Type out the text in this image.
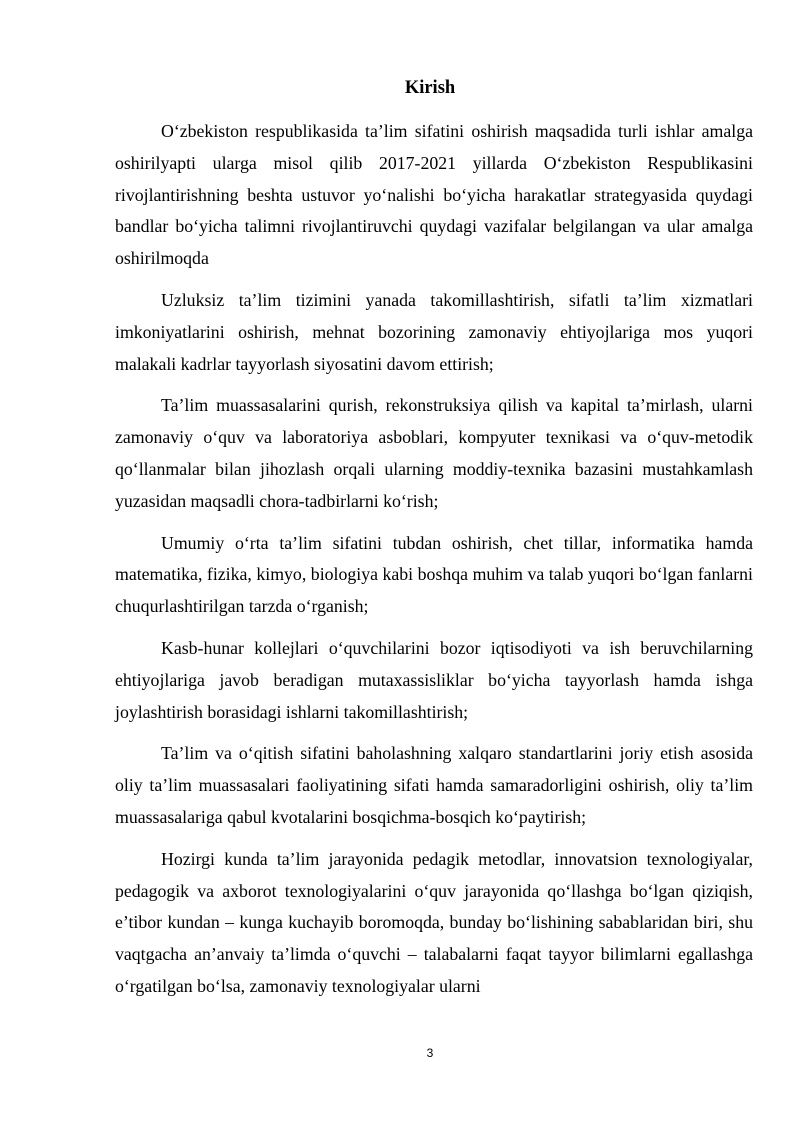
Kirish

O‘zbekiston respublikasida ta’lim sifatini oshirish maqsadida turli ishlar amalga oshirilyapti ularga misol qilib 2017-2021 yillarda O‘zbekiston Respublikasini rivojlantirishning beshta ustuvor yo‘nalishi bo‘yicha harakatlar strategyasida quydagi bandlar bo‘yicha talimni rivojlantiruvchi quydagi vazifalar belgilangan va ular amalga oshirilmoqda

Uzluksiz ta’lim tizimini yanada takomillashtirish, sifatli ta’lim xizmatlari imkoniyatlarini oshirish, mehnat bozorining zamonaviy ehtiyojlariga mos yuqori malakali kadrlar tayyorlash siyosatini davom ettirish;

Ta’lim muassasalarini qurish, rekonstruksiya qilish va kapital ta’mirlash, ularni zamonaviy o‘quv va laboratoriya asboblari, kompyuter texnikasi va o‘quv-metodik qo‘llanmalar bilan jihozlash orqali ularning moddiy-texnika bazasini mustahkamlash yuzasidan maqsadli chora-tadbirlarni ko‘rish;

Umumiy o‘rta ta’lim sifatini tubdan oshirish, chet tillar, informatika hamda matematika, fizika, kimyo, biologiya kabi boshqa muhim va talab yuqori bo‘lgan fanlarni chuqurlashtirilgan tarzda o‘rganish;

Kasb-hunar kollejlari o‘quvchilarini bozor iqtisodiyoti va ish beruvchilarning ehtiyojlariga javob beradigan mutaxassisliklar bo‘yicha tayyorlash hamda ishga joylashtirish borasidagi ishlarni takomillashtirish;

Ta’lim va o‘qitish sifatini baholashning xalqaro standartlarini joriy etish asosida oliy ta’lim muassasalari faoliyatining sifati hamda samaradorligini oshirish, oliy ta’lim muassasalariga qabul kvotalarini bosqichma-bosqich ko‘paytirish;

Hozirgi kunda ta’lim jarayonida pedagik metodlar, innovatsion texnologiyalar, pedagogik va axborot texnologiyalarini o‘quv jarayonida qo‘llashga bo‘lgan qiziqish, e’tibor kundan – kunga kuchayib boromoqda, bunday bo‘lishining sabablaridan biri, shu vaqtgacha an’anvaiy ta’limda o‘quvchi – talabalarni faqat tayyor bilimlarni egallashga o‘rgatilgan bo‘lsa, zamonaviy texnologiyalar ularni

3
